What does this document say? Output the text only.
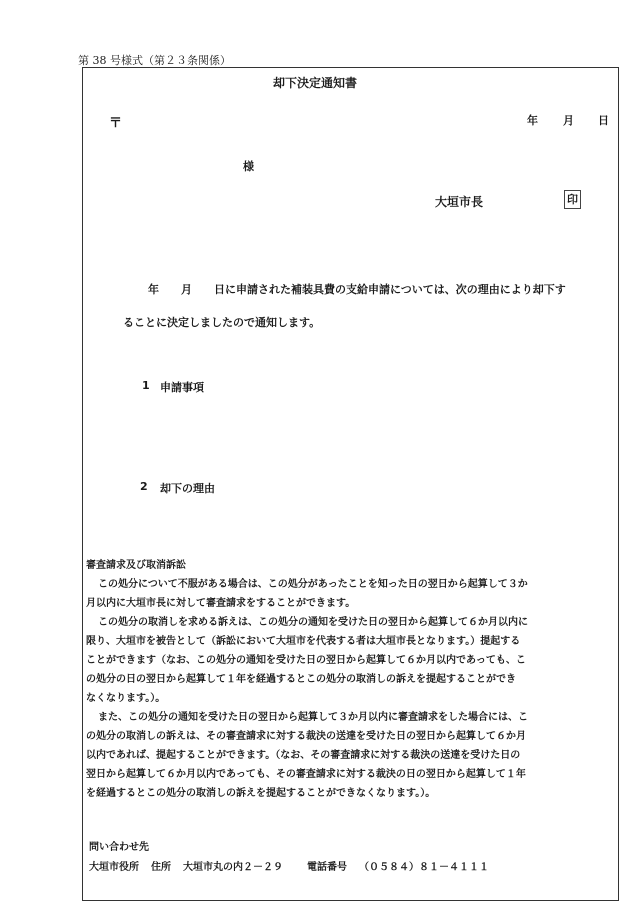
第 38 号様式（第２３条関係）
却下決定通知書
〒	年 月 日
様
大垣市長	印
年　　月　　日に申請された補装具費の支給申請については、次の理由により却下す
ることに決定しましたので通知します。
1 申請事項
2 却下の理由

審査請求及び取消訴訟

この処分について不服がある場合は、この処分があったことを知った日の翌日から起算して３か
月以内に大垣市長に対して審査請求をすることができます。
この処分の取消しを求める訴えは、この処分の通知を受けた日の翌日から起算して６か月以内に
限り、大垣市を被告として（訴訟において大垣市を代表する者は大垣市長となります。）提起する
ことができます（なお、この処分の通知を受けた日の翌日から起算して６か月以内であっても、こ
の処分の日の翌日から起算して１年を経過するとこの処分の取消しの訴えを提起することができ
なくなります。）。
また、この処分の通知を受けた日の翌日から起算して３か月以内に審査請求をした場合には、こ
の処分の取消しの訴えは、その審査請求に対する裁決の送達を受けた日の翌日から起算して６か月
以内であれば、提起することができます。（なお、その審査請求に対する裁決の送達を受けた日の
翌日から起算して６か月以内であっても、その審査請求に対する裁決の日の翌日から起算して１年
を経過するとこの処分の取消しの訴えを提起することができなくなります。）。
問い合わせ先
大垣市役所 住所 大垣市丸の内２－２９ 電話番号 （０５８４）８１－４１１１
